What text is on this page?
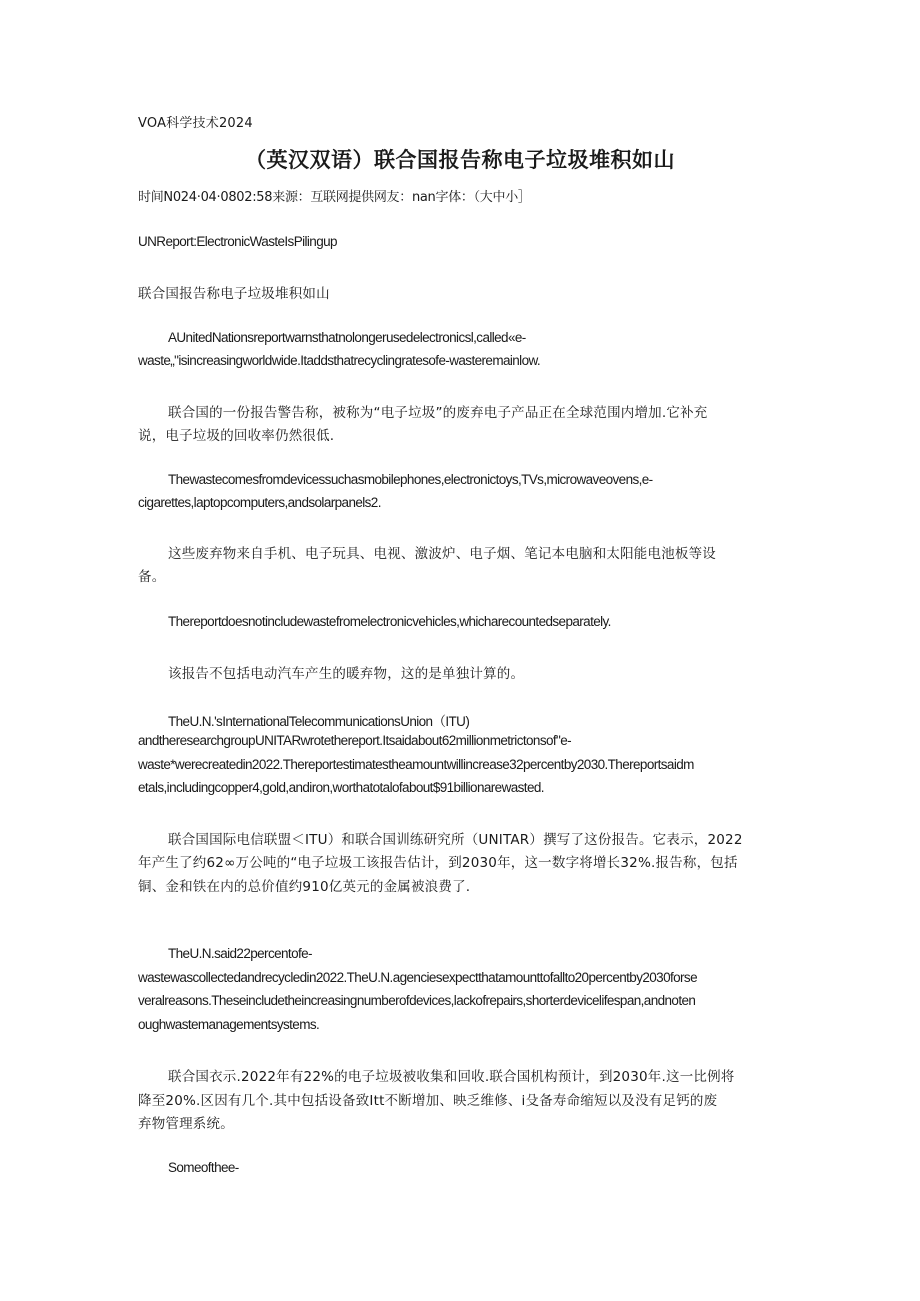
VOA科学技术2024

（英汉双语）联合国报告称电子垃圾堆积如山

时间N024·04·0802:58来源：互联网提供网友：nan字体：（大中小］

UNReport:ElectronicWasteIsPilingup

联合国报告称电子垃圾堆积如山

AUnitedNationsreportwarnsthatnolongerusedelectronicsl,called«e-

waste„"isincreasingworldwide.Itaddsthatrecyclingratesofe-wasteremainlow.

联合国的一份报告警告称，被称为“电子垃圾”的废弃电子产品正在全球范围内增加.它补充

说，电子垃圾的回收率仍然很低.

Thewastecomesfromdevicessuchasmobilephones,electronictoys,TVs,microwaveovens,e-

cigarettes,laptopcomputers,andsolarpanels2.

这些废弃物来自手机、电子玩具、电视、激波炉、电子烟、笔记本电脑和太阳能电池板等设

备。

Thereportdoesnotincludewastefromelectronicvehicles,whicharecountedseparately.

该报告不包括电动汽车产生的暖弃物，这的是单独计算的。

TheU.N.'sInternationalTelecommunicationsUnion（ITU)

andtheresearchgroupUNITARwrotethereport.Itsaidabout62millionmetrictonsof"e-

waste*werecreatedin2022.Thereportestimatestheamountwillincrease32percentby2030.Thereportsaidm

etals,includingcopper4,gold,andiron,worthatotalofabout$91billionarewasted.

联合国国际电信联盟＜ITU）和联合国训练研究所（UNITAR）撰写了这份报告。它表示，2022

年产生了约62∞万公吨的“电子垃圾工该报告估计，到2030年，这一数字将增长32%.报告称，包括

铜、金和铁在内的总价值约910亿英元的金属被浪费了.

TheU.N.said22percentofe-

wastewascollectedandrecycledin2022.TheU.N.agenciesexpectthatamounttofallto20percentby2030forse

veralreasons.Theseincludetheincreasingnumberofdevices,lackofrepairs,shorterdevicelifespan,andnoten

oughwastemanagementsystems.

联合国衣示.2022年有22%的电子垃圾被收集和回收.联合国机构预计，到2030年.这一比例将

降至20%.区因有几个.其中包括设备致Itt不断增加、映乏维修、i殳备寿命缩短以及没有足钙的废

弃物管理系统。

Someofthee-
